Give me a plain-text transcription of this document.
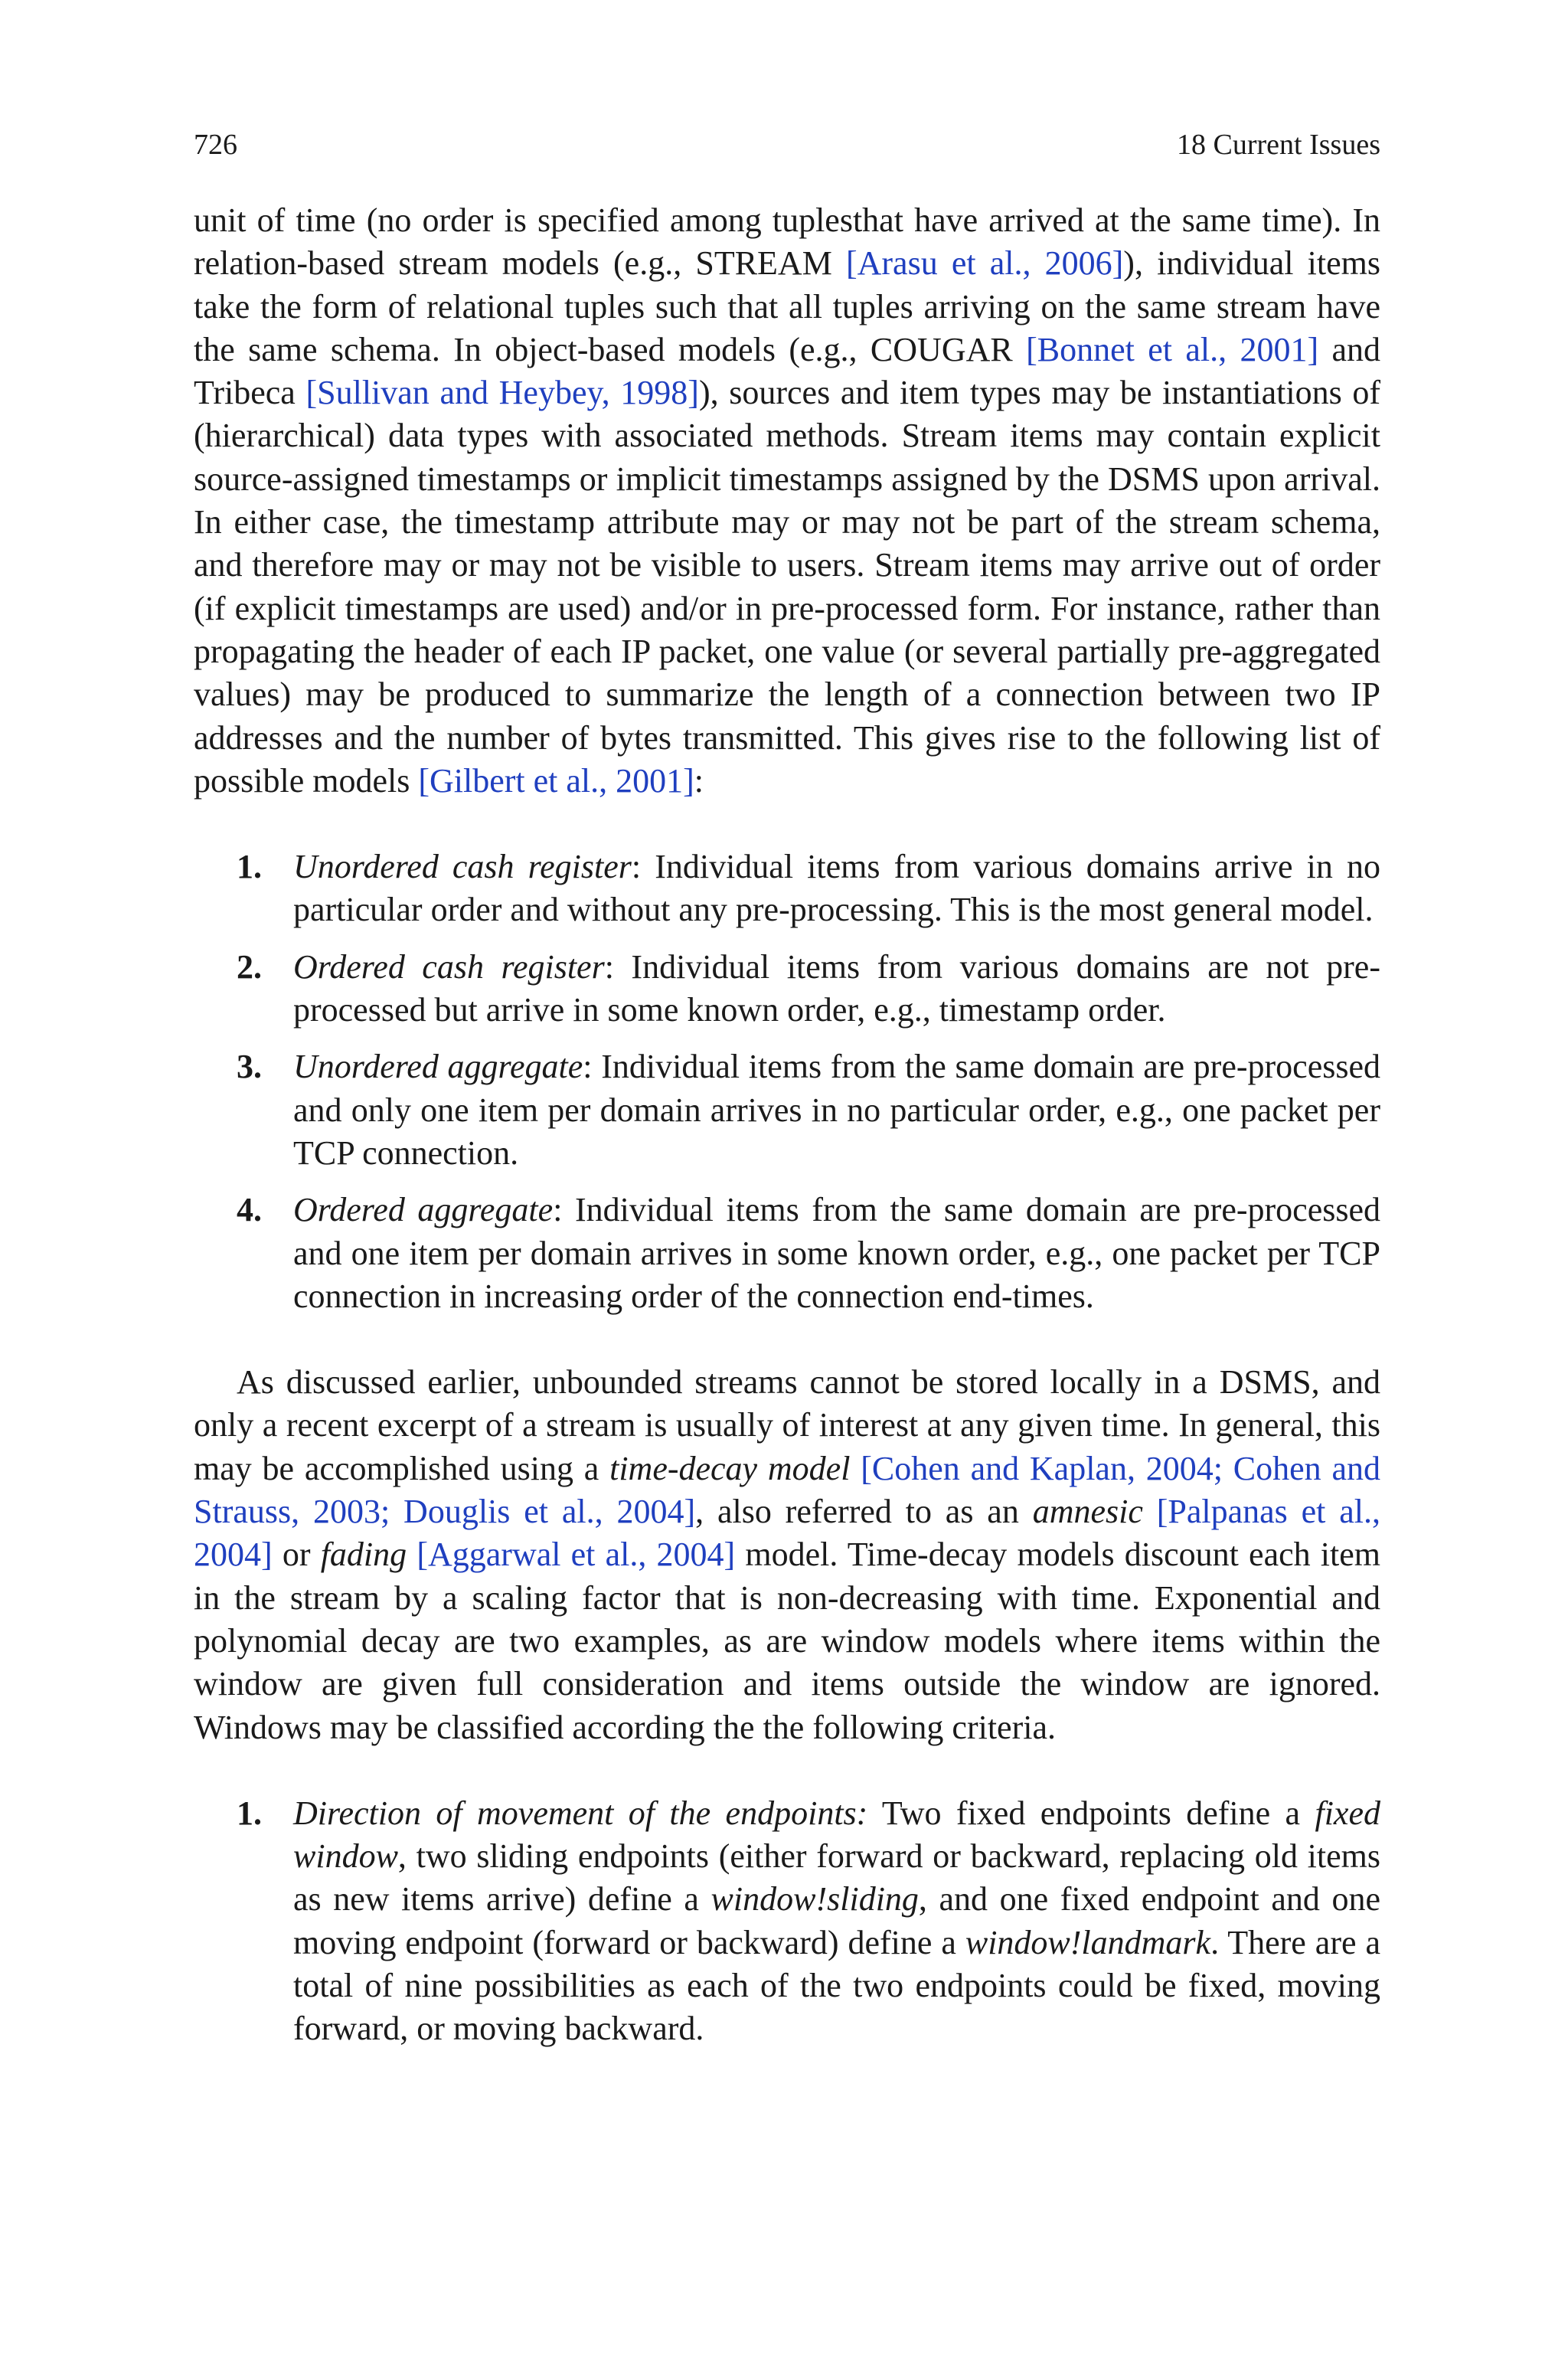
726	18 Current Issues

unit of time (no order is specified among tuplesthat have arrived at the same time). In relation-based stream models (e.g., STREAM [Arasu et al., 2006]), individual items take the form of relational tuples such that all tuples arriving on the same stream have the same schema. In object-based models (e.g., COUGAR [Bonnet et al., 2001] and Tribeca [Sullivan and Heybey, 1998]), sources and item types may be instantiations of (hierarchical) data types with associated methods. Stream items may contain explicit source-assigned timestamps or implicit timestamps assigned by the DSMS upon arrival. In either case, the timestamp attribute may or may not be part of the stream schema, and therefore may or may not be visible to users. Stream items may arrive out of order (if explicit timestamps are used) and/or in pre-processed form. For instance, rather than propagating the header of each IP packet, one value (or several partially pre-aggregated values) may be produced to summarize the length of a connection between two IP addresses and the number of bytes transmitted. This gives rise to the following list of possible models [Gilbert et al., 2001]:

1. Unordered cash register: Individual items from various domains arrive in no particular order and without any pre-processing. This is the most general model.
2. Ordered cash register: Individual items from various domains are not pre-processed but arrive in some known order, e.g., timestamp order.
3. Unordered aggregate: Individual items from the same domain are pre-processed and only one item per domain arrives in no particular order, e.g., one packet per TCP connection.
4. Ordered aggregate: Individual items from the same domain are pre-processed and one item per domain arrives in some known order, e.g., one packet per TCP connection in increasing order of the connection end-times.

As discussed earlier, unbounded streams cannot be stored locally in a DSMS, and only a recent excerpt of a stream is usually of interest at any given time. In general, this may be accomplished using a time-decay model [Cohen and Kaplan, 2004; Cohen and Strauss, 2003; Douglis et al., 2004], also referred to as an amnesic [Palpanas et al., 2004] or fading [Aggarwal et al., 2004] model. Time-decay models discount each item in the stream by a scaling factor that is non-decreasing with time. Exponential and polynomial decay are two examples, as are window models where items within the window are given full consideration and items outside the window are ignored. Windows may be classified according the the following criteria.

1. Direction of movement of the endpoints: Two fixed endpoints define a fixed window, two sliding endpoints (either forward or backward, replacing old items as new items arrive) define a window!sliding, and one fixed endpoint and one moving endpoint (forward or backward) define a window!landmark. There are a total of nine possibilities as each of the two endpoints could be fixed, moving forward, or moving backward.
